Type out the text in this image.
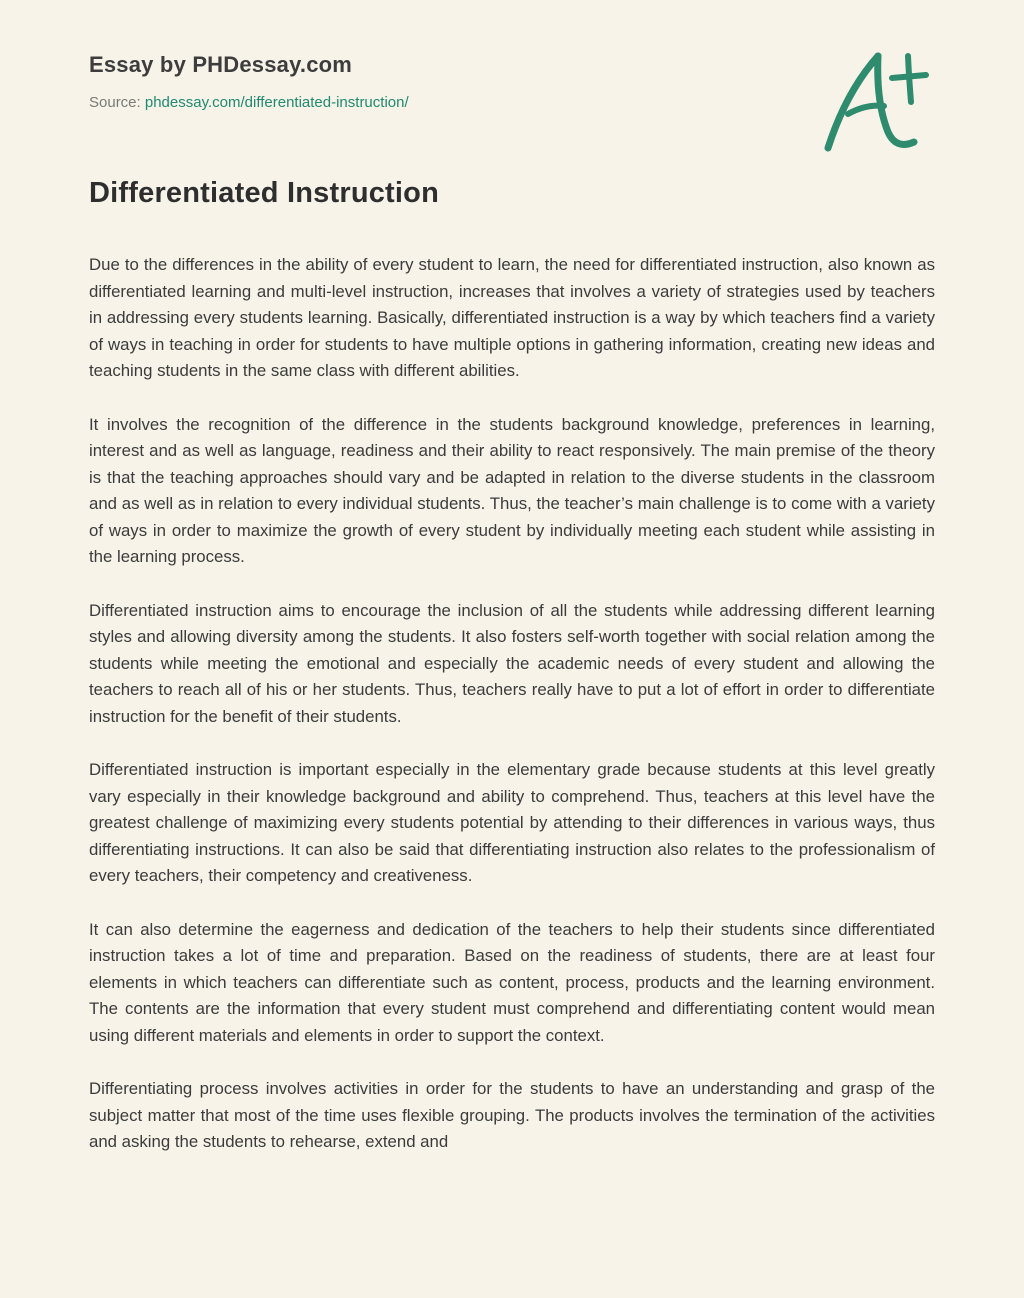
Essay by PHDessay.com
Source: phdessay.com/differentiated-instruction/
Differentiated Instruction

Due to the differences in the ability of every student to learn, the need for differentiated instruction, also known as differentiated learning and multi-level instruction, increases that involves a variety of strategies used by teachers in addressing every students learning. Basically, differentiated instruction is a way by which teachers find a variety of ways in teaching in order for students to have multiple options in gathering information, creating new ideas and teaching students in the same class with different abilities.

It involves the recognition of the difference in the students background knowledge, preferences in learning, interest and as well as language, readiness and their ability to react responsively. The main premise of the theory is that the teaching approaches should vary and be adapted in relation to the diverse students in the classroom and as well as in relation to every individual students. Thus, the teacher’s main challenge is to come with a variety of ways in order to maximize the growth of every student by individually meeting each student while assisting in the learning process.

Differentiated instruction aims to encourage the inclusion of all the students while addressing different learning styles and allowing diversity among the students. It also fosters self-worth together with social relation among the students while meeting the emotional and especially the academic needs of every student and allowing the teachers to reach all of his or her students. Thus, teachers really have to put a lot of effort in order to differentiate instruction for the benefit of their students.

Differentiated instruction is important especially in the elementary grade because students at this level greatly vary especially in their knowledge background and ability to comprehend. Thus, teachers at this level have the greatest challenge of maximizing every students potential by attending to their differences in various ways, thus differentiating instructions. It can also be said that differentiating instruction also relates to the professionalism of every teachers, their competency and creativeness.

It can also determine the eagerness and dedication of the teachers to help their students since differentiated instruction takes a lot of time and preparation. Based on the readiness of students, there are at least four elements in which teachers can differentiate such as content, process, products and the learning environment. The contents are the information that every student must comprehend and differentiating content would mean using different materials and elements in order to support the context.

Differentiating process involves activities in order for the students to have an understanding and grasp of the subject matter that most of the time uses flexible grouping. The products involves the termination of the activities and asking the students to rehearse, extend and
